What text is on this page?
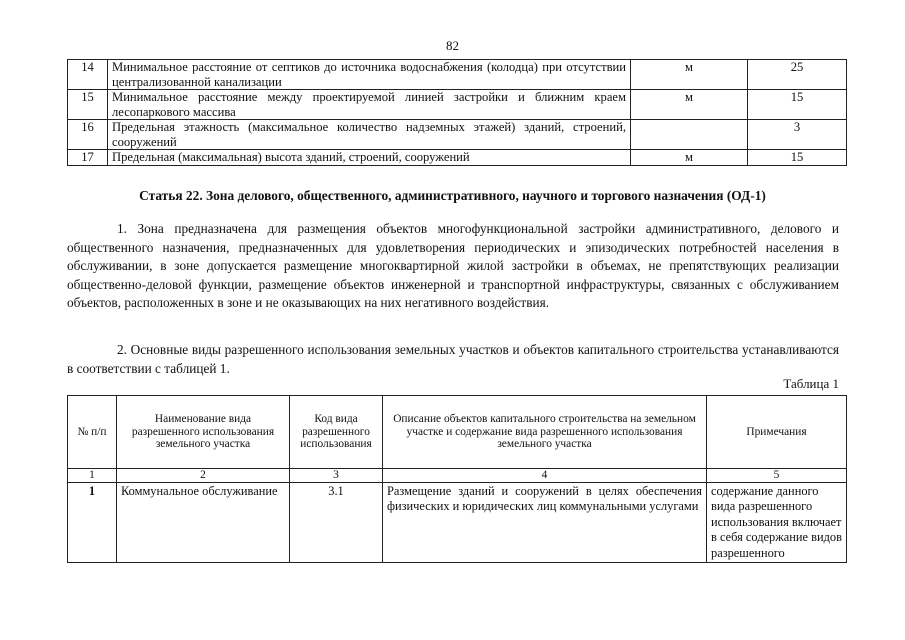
82
14	Минимальное расстояние от септиков до источника водоснабжения (колодца) при отсутствии централизованной канализации	м	25
15	Минимальное расстояние между проектируемой линией застройки и ближним краем лесопаркового массива	м	15
16	Предельная этажность (максимальное количество надземных этажей) зданий, строений, сооружений		3
17	Предельная (максимальная) высота зданий, строений, сооружений	м	15
Статья 22. Зона делового, общественного, административного, научного и торгового назначения (ОД-1)

1. Зона предназначена для размещения объектов многофункциональной застройки административного, делового и общественного назначения, предназначенных для удовлетворения периодических и эпизодических потребностей населения в обслуживании, в зоне допускается размещение многоквартирной жилой застройки в объемах, не препятствующих реализации общественно-деловой функции, размещение объектов инженерной и транспортной инфраструктуры, связанных с обслуживанием объектов, расположенных в зоне и не оказывающих на них негативного воздействия.

2. Основные виды разрешенного использования земельных участков и объектов капитального строительства устанавливаются в соответствии с таблицей 1.

Таблица 1
№ п/п	Наименование вида разрешенного использования земельного участка	Код вида разрешенного использования	Описание объектов капитального строительства на земельном участке и содержание вида разрешенного использования земельного участка	Примечания
1	2	3	4	5
1	Коммунальное обслуживание	3.1	Размещение зданий и сооружений в целях обеспечения физических и юридических лиц коммунальными услугами	содержание данного вида разрешенного использования включает в себя содержание видов разрешенного
